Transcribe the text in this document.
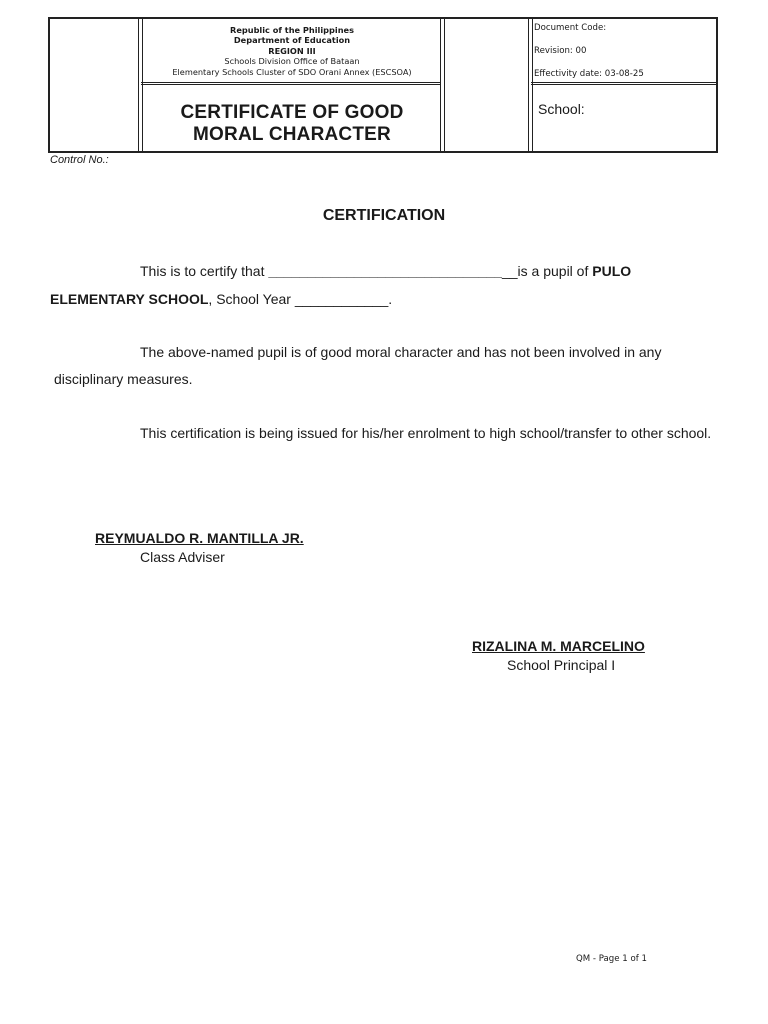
Republic of the Philippines
Department of Education
REGION III
Schools Division Office of Bataan
Elementary Schools Cluster of SDO Orani Annex (ESCSOA)
CERTIFICATE OF GOOD
MORAL CHARACTER
Document Code:
Revision: 00
Effectivity date: 03-08-25
School:
Control No.:
CERTIFICATION
This is to certify that ________________________________is a pupil of PULO
ELEMENTARY SCHOOL, School Year ____________.
The above-named pupil is of good moral character and has not been involved in any
disciplinary measures.
This certification is being issued for his/her enrolment to high school/transfer to other school.
REYMUALDO R. MANTILLA JR.
Class Adviser
RIZALINA M. MARCELINO
School Principal I
QM - Page 1 of 1
